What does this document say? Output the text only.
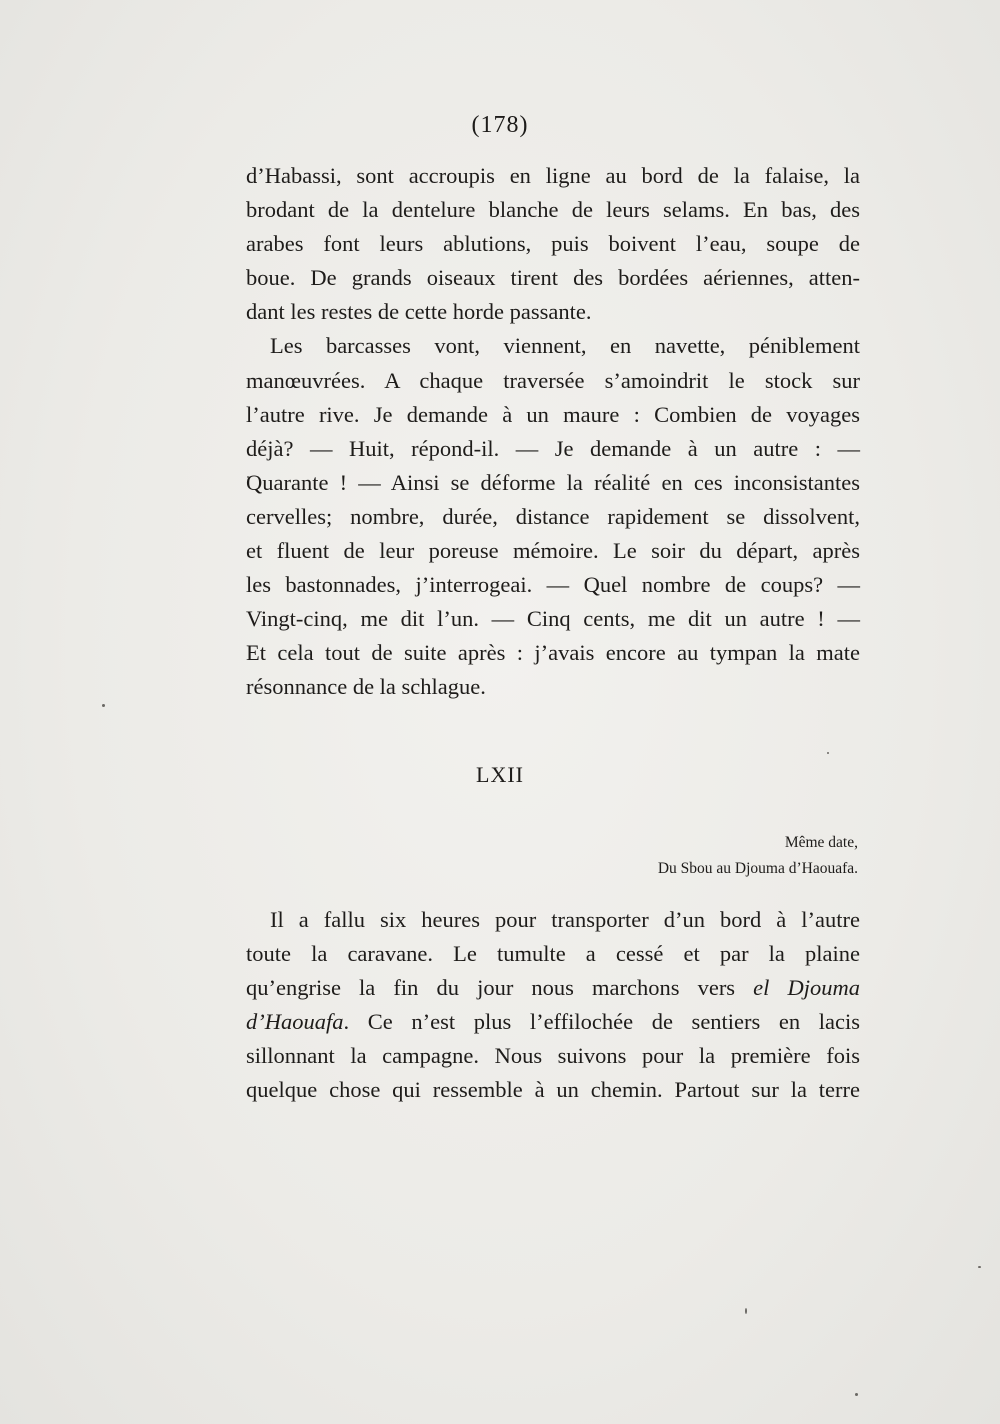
(178)

d’Habassi, sont accroupis en ligne au bord de la falaise, la
brodant de la dentelure blanche de leurs selams. En bas, des
arabes font leurs ablutions, puis boivent l’eau, soupe de
boue. De grands oiseaux tirent des bordées aériennes, atten-
dant les restes de cette horde passante.

Les barcasses vont, viennent, en navette, péniblement
manœuvrées. A chaque traversée s’amoindrit le stock sur
l’autre rive. Je demande à un maure : Combien de voyages
déjà? — Huit, répond-il. — Je demande à un autre : —
Quarante ! — Ainsi se déforme la réalité en ces inconsistantes
cervelles; nombre, durée, distance rapidement se dissolvent,
et fluent de leur poreuse mémoire. Le soir du départ, après
les bastonnades, j’interrogeai. — Quel nombre de coups? —
Vingt-cinq, me dit l’un. — Cinq cents, me dit un autre ! —
Et cela tout de suite après : j’avais encore au tympan la mate
résonnance de la schlague.

LXII
Même date,
Du Sbou au Djouma d’Haouafa.

Il a fallu six heures pour transporter d’un bord à l’autre
toute la caravane. Le tumulte a cessé et par la plaine
qu’engrise la fin du jour nous marchons vers el Djouma
d’Haouafa. Ce n’est plus l’effilochée de sentiers en lacis
sillonnant la campagne. Nous suivons pour la première fois
quelque chose qui ressemble à un chemin. Partout sur la terre
